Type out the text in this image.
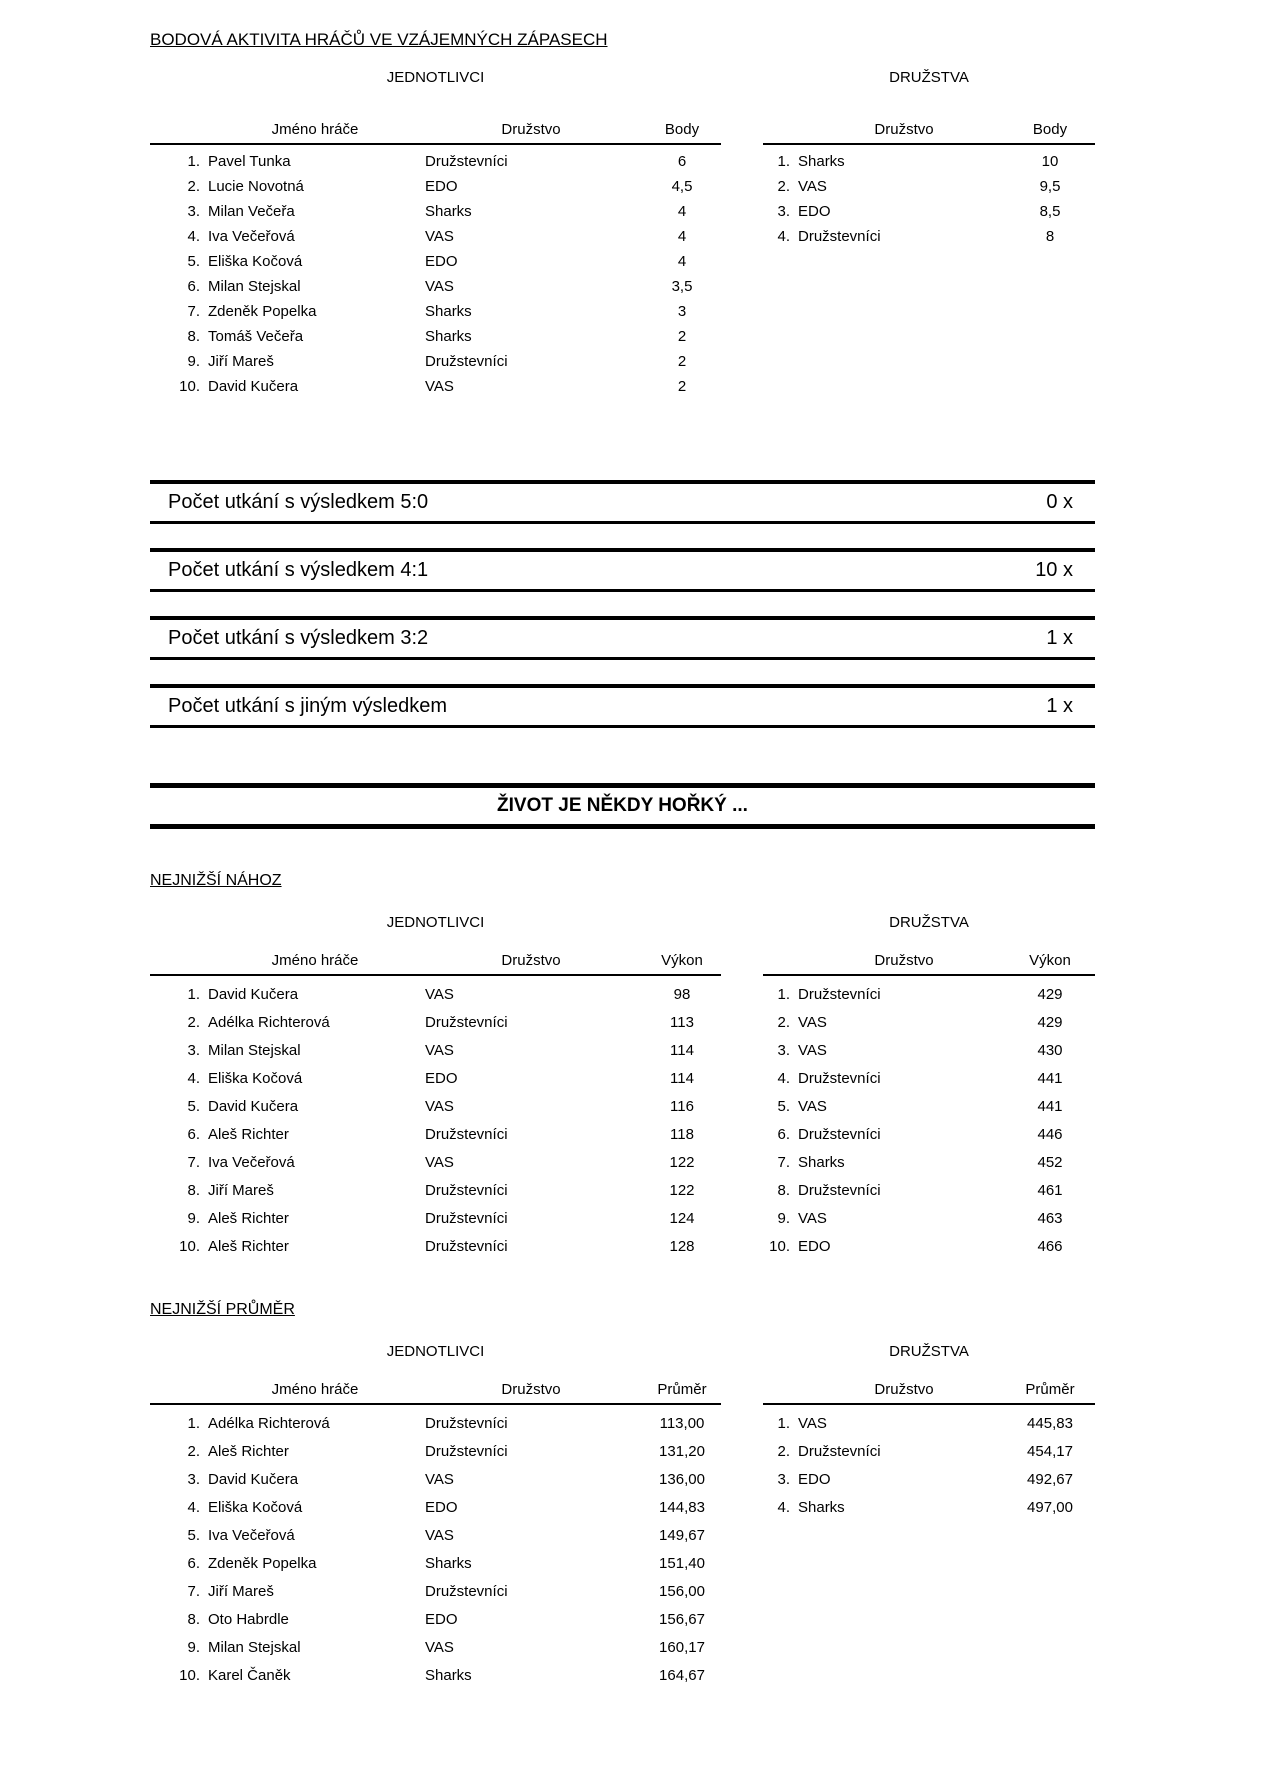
BODOVÁ AKTIVITA HRÁČŮ VE VZÁJEMNÝCH ZÁPASECH
JEDNOTLIVCI
Jméno hráče	Družstvo	Body
1. Pavel Tunka	Družstevníci	6
2. Lucie Novotná	EDO	4,5
3. Milan Večeřa	Sharks	4
4. Iva Večeřová	VAS	4
5. Eliška Kočová	EDO	4
6. Milan Stejskal	VAS	3,5
7. Zdeněk Popelka	Sharks	3
8. Tomáš Večeřa	Sharks	2
9. Jiří Mareš	Družstevníci	2
10. David Kučera	VAS	2
DRUŽSTVA
Družstvo	Body
1. Sharks	10
2. VAS	9,5
3. EDO	8,5
4. Družstevníci	8
Počet utkání s výsledkem 5:0	0 x
Počet utkání s výsledkem 4:1	10 x
Počet utkání s výsledkem 3:2	1 x
Počet utkání s jiným výsledkem	1 x
ŽIVOT JE NĚKDY HOŘKÝ ...
NEJNIŽŠÍ NÁHOZ
JEDNOTLIVCI
Jméno hráče	Družstvo	Výkon
1. David Kučera	VAS	98
2. Adélka Richterová	Družstevníci	113
3. Milan Stejskal	VAS	114
4. Eliška Kočová	EDO	114
5. David Kučera	VAS	116
6. Aleš Richter	Družstevníci	118
7. Iva Večeřová	VAS	122
8. Jiří Mareš	Družstevníci	122
9. Aleš Richter	Družstevníci	124
10. Aleš Richter	Družstevníci	128
DRUŽSTVA
Družstvo	Výkon
1. Družstevníci	429
2. VAS	429
3. VAS	430
4. Družstevníci	441
5. VAS	441
6. Družstevníci	446
7. Sharks	452
8. Družstevníci	461
9. VAS	463
10. EDO	466
NEJNIŽŠÍ PRŮMĚR
JEDNOTLIVCI
Jméno hráče	Družstvo	Průměr
1. Adélka Richterová	Družstevníci	113,00
2. Aleš Richter	Družstevníci	131,20
3. David Kučera	VAS	136,00
4. Eliška Kočová	EDO	144,83
5. Iva Večeřová	VAS	149,67
6. Zdeněk Popelka	Sharks	151,40
7. Jiří Mareš	Družstevníci	156,00
8. Oto Habrdle	EDO	156,67
9. Milan Stejskal	VAS	160,17
10. Karel Čaněk	Sharks	164,67
DRUŽSTVA
Družstvo	Průměr
1. VAS	445,83
2. Družstevníci	454,17
3. EDO	492,67
4. Sharks	497,00
